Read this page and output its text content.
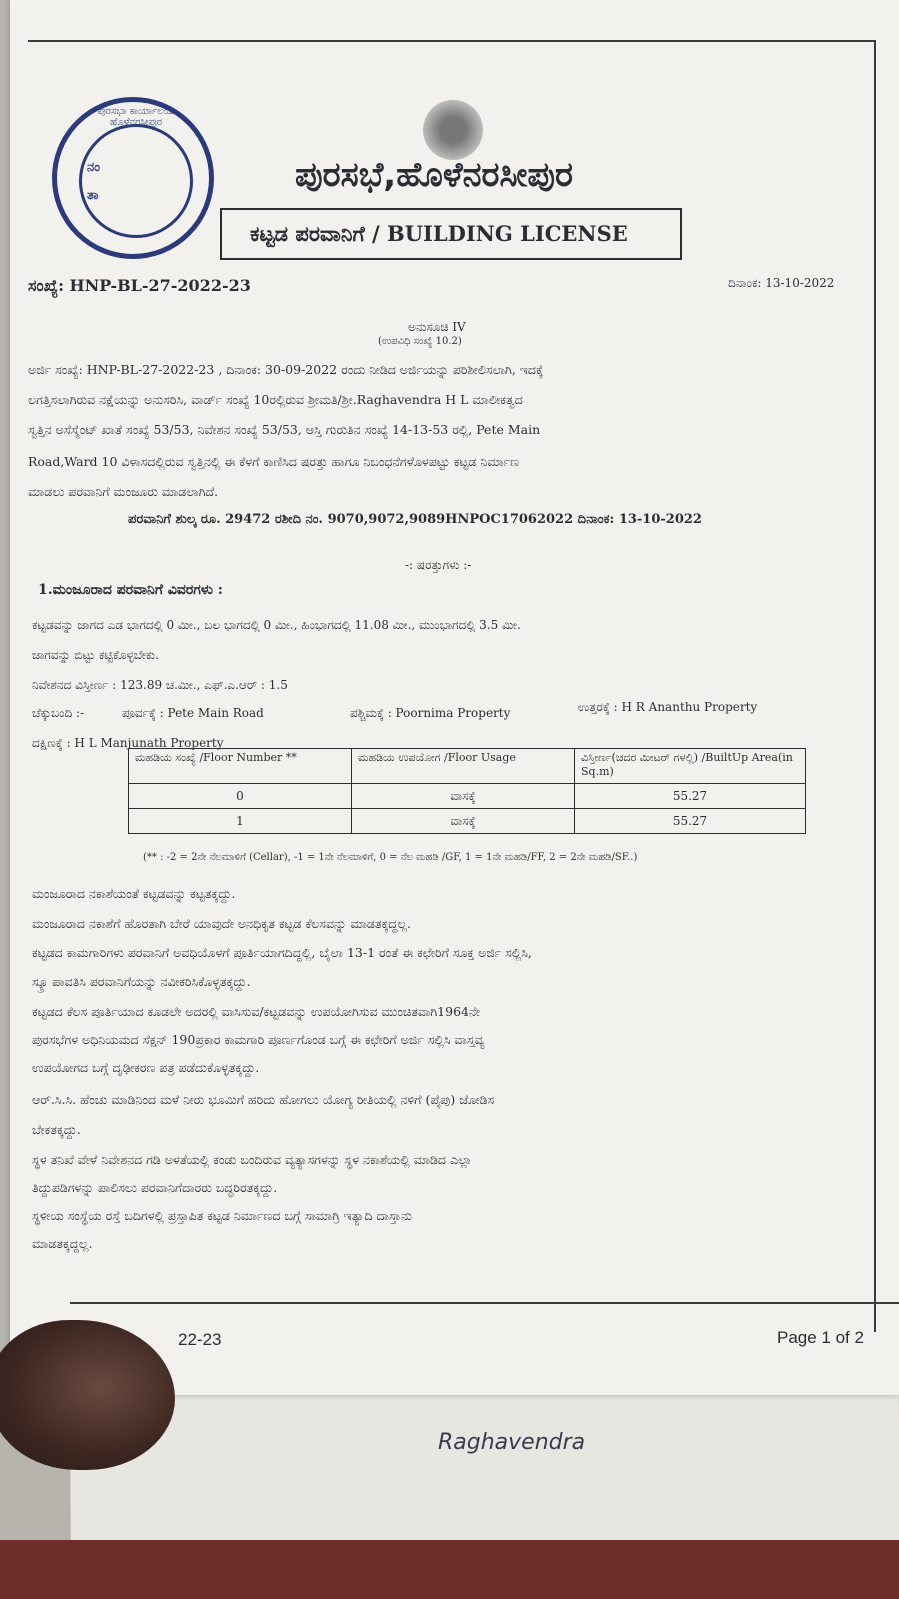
ಪುರಸಭಾ ಕಾರ್ಯಾಲಯ ಹೊಳೆನರಸೀಪುರ
ನಂ
ತಾ
ಪುರಸಭೆ,ಹೊಳೆನರಸೀಪುರ
ಕಟ್ಟಡ ಪರವಾನಿಗೆ / BUILDING LICENSE
ಸಂಖ್ಯೆ: HNP-BL-27-2022-23	ದಿನಾಂಕ: 13-10-2022
ಅನುಸೂಚಿ IV
(ಉಪವಿಧಿ ಸಂಖ್ಯೆ 10.2)
ಅರ್ಜಿ ಸಂಖ್ಯೆ: HNP-BL-27-2022-23 , ದಿನಾಂಕ: 30-09-2022 ರಂದು ನೀಡಿದ ಅರ್ಜಿಯನ್ನು ಪರಿಶೀಲಿಸಲಾಗಿ, ಇದಕ್ಕೆ
ಲಗತ್ತಿಸಲಾಗಿರುವ ನಕ್ಷೆಯನ್ನು ಅನುಸರಿಸಿ, ವಾರ್ಡ್ ಸಂಖ್ಯೆ 10ರಲ್ಲಿರುವ ಶ್ರೀಮತಿ/ಶ್ರೀ.Raghavendra H L ಮಾಲೀಕತ್ವದ
ಸ್ವತ್ತಿನ ಅಸೆಸ್ಮೆಂಟ್ ಖಾತೆ ಸಂಖ್ಯೆ 53/53, ನಿವೇಶನ ಸಂಖ್ಯೆ 53/53, ಆಸ್ತಿ ಗುರುತಿನ ಸಂಖ್ಯೆ 14-13-53 ರಲ್ಲಿ, Pete Main
Road,Ward 10 ವಿಳಾಸದಲ್ಲಿರುವ ಸ್ವತ್ತಿನಲ್ಲಿ ಈ ಕೆಳಗೆ ಕಾಣಿಸಿದ ಷರತ್ತು ಹಾಗೂ ನಿಬಂಧನೆಗಳೊಳಪಟ್ಟು ಕಟ್ಟಡ ನಿರ್ಮಾಣ
ಮಾಡಲು ಪರವಾನಿಗೆ ಮಂಜೂರು ಮಾಡಲಾಗಿದೆ.
ಪರವಾನಿಗೆ ಶುಲ್ಕ ರೂ. 29472 ರಶೀದಿ ನಂ. 9070,9072,9089HNPOC17062022 ದಿನಾಂಕ: 13-10-2022
-: ಷರತ್ತುಗಳು :-
1.ಮಂಜೂರಾದ ಪರವಾನಿಗೆ ವಿವರಗಳು :
ಕಟ್ಟಡವನ್ನು ಜಾಗದ ಎಡ ಭಾಗದಲ್ಲಿ 0 ಮೀ., ಬಲ ಭಾಗದಲ್ಲಿ 0 ಮೀ., ಹಿಂಭಾಗದಲ್ಲಿ 11.08 ಮೀ., ಮುಂಭಾಗದಲ್ಲಿ 3.5 ಮೀ.
ಜಾಗವನ್ನು ಬಿಟ್ಟು ಕಟ್ಟಿಕೊಳ್ಳಬೇಕು.
ನಿವೇಶನದ ವಿಸ್ತೀರ್ಣ : 123.89 ಚ.ಮೀ., ಎಫ್.ಎ.ಆರ್ : 1.5
ಚೆಕ್ಕುಬಂದಿ :-	ಪೂರ್ವಕ್ಕೆ : Pete Main Road	ಪಶ್ಚಿಮಕ್ಕೆ : Poornima Property	ಉತ್ತರಕ್ಕೆ : H R Ananthu Property
ದಕ್ಷಿಣಕ್ಕೆ : H L Manjunath Property
ಮಹಡಿಯ ಸಂಖ್ಯೆ /Floor Number **	ಮಹಡಿಯ ಉಪಯೋಗ /Floor Usage	ವಿಸ್ತೀರ್ಣ(ಚದರ ಮೀಟರ್ ಗಳಲ್ಲಿ) /BuiltUp Area(in Sq.m)
0	ವಾಸಕ್ಕೆ	55.27
1	ವಾಸಕ್ಕೆ	55.27
(** : -2 = 2ನೇ ನೆಲಮಾಳಿಗೆ (Cellar), -1 = 1ನೇ ನೆಲಮಾಳಿಗೆ, 0 = ನೆಲ ಮಹಡಿ /GF, 1 = 1ನೇ ಮಹಡಿ/FF, 2 = 2ನೇ ಮಹಡಿ/SF..)
ಮಂಜೂರಾದ ನಕಾಶೆಯಂತೆ ಕಟ್ಟಡವನ್ನು ಕಟ್ಟತಕ್ಕದ್ದು.
ಮಂಜೂರಾದ ನಕಾಶೆಗೆ ಹೊರತಾಗಿ ಬೇರೆ ಯಾವುದೇ ಅನಧಿಕೃತ ಕಟ್ಟಡ ಕೆಲಸವನ್ನು ಮಾಡತಕ್ಕದ್ದಲ್ಲ.
ಕಟ್ಟಡದ ಕಾಮಗಾರಿಗಳು ಪರವಾನಿಗೆ ಅವಧಿಯೊಳಗೆ ಪೂರ್ತಿಯಾಗದಿದ್ದಲ್ಲಿ, ಬೈಲಾ 13-1 ರಂತೆ ಈ ಕಛೇರಿಗೆ ಸೂಕ್ತ ಅರ್ಜಿ ಸಲ್ಲಿಸಿ,
ಸ್ಕ್ರೂ ಪಾವತಿಸಿ ಪರವಾನಿಗೆಯನ್ನು ನವೀಕರಿಸಿಕೊಳ್ಳತಕ್ಕದ್ದು.
ಕಟ್ಟಡದ ಕೆಲಸ ಪೂರ್ತಿಯಾದ ಕೂಡಲೇ ಅದರಲ್ಲಿ ವಾಸಿಸುವ/ಕಟ್ಟಡವನ್ನು ಉಪಯೋಗಿಸುವ ಮುಂಚಿತವಾಗಿ1964ನೇ
ಪುರಸಭೆಗಳ ಅಧಿನಿಯಮದ ಸೆಕ್ಷನ್ 190ಪ್ರಕಾರ ಕಾಮಗಾರಿ ಪೂರ್ಣಗೊಂಡ ಬಗ್ಗೆ ಈ ಕಛೇರಿಗೆ ಅರ್ಜಿ ಸಲ್ಲಿಸಿ ವಾಸ್ತವ್ಯ
ಉಪಯೋಗದ ಬಗ್ಗೆ ದೃಢೀಕರಣ ಪತ್ರ ಪಡೆದುಕೊಳ್ಳತಕ್ಕದ್ದು.
ಆರ್.ಸಿ.ಸಿ. ಹೆಂಚು ಮಾಡಿನಿಂದ ಮಳೆ ನೀರು ಭೂಮಿಗೆ ಹರಿದು ಹೋಗಲು ಯೋಗ್ಯ ರೀತಿಯಲ್ಲಿ ನಳಿಗೆ (ಪೈಪು) ಜೋಡಿಸ
ಬೇಕತಕ್ಕದ್ದು.
ಸ್ಥಳ ತನಿಖೆ ವೇಳೆ ನಿವೇಶನದ ಗಡಿ ಅಳತೆಯಲ್ಲಿ ಕಂಡು ಬಂದಿರುವ ವ್ಯತ್ಯಾಸಗಳನ್ನು ಸ್ಥಳ ನಕಾಶೆಯಲ್ಲಿ ಮಾಡಿದ ಎಲ್ಲಾ
ತಿದ್ದುಪಡಿಗಳನ್ನು ಪಾಲಿಸಲು ಪರವಾನಿಗೆದಾರರು ಬದ್ಧರಿರತಕ್ಕದ್ದು.
ಸ್ಥಳೀಯ ಸಂಸ್ಥೆಯ ರಸ್ತೆ ಬದಿಗಳಲ್ಲಿ ಪ್ರಸ್ತಾಪಿತ ಕಟ್ಟಡ ನಿರ್ಮಾಣದ ಬಗ್ಗೆ ಸಾಮಾಗ್ರಿ ಇತ್ಯಾದಿ ದಾಸ್ತಾನು
ಮಾಡತಕ್ಕದ್ದಲ್ಲ.
22-23	Page 1 of 2
Raghavendra
